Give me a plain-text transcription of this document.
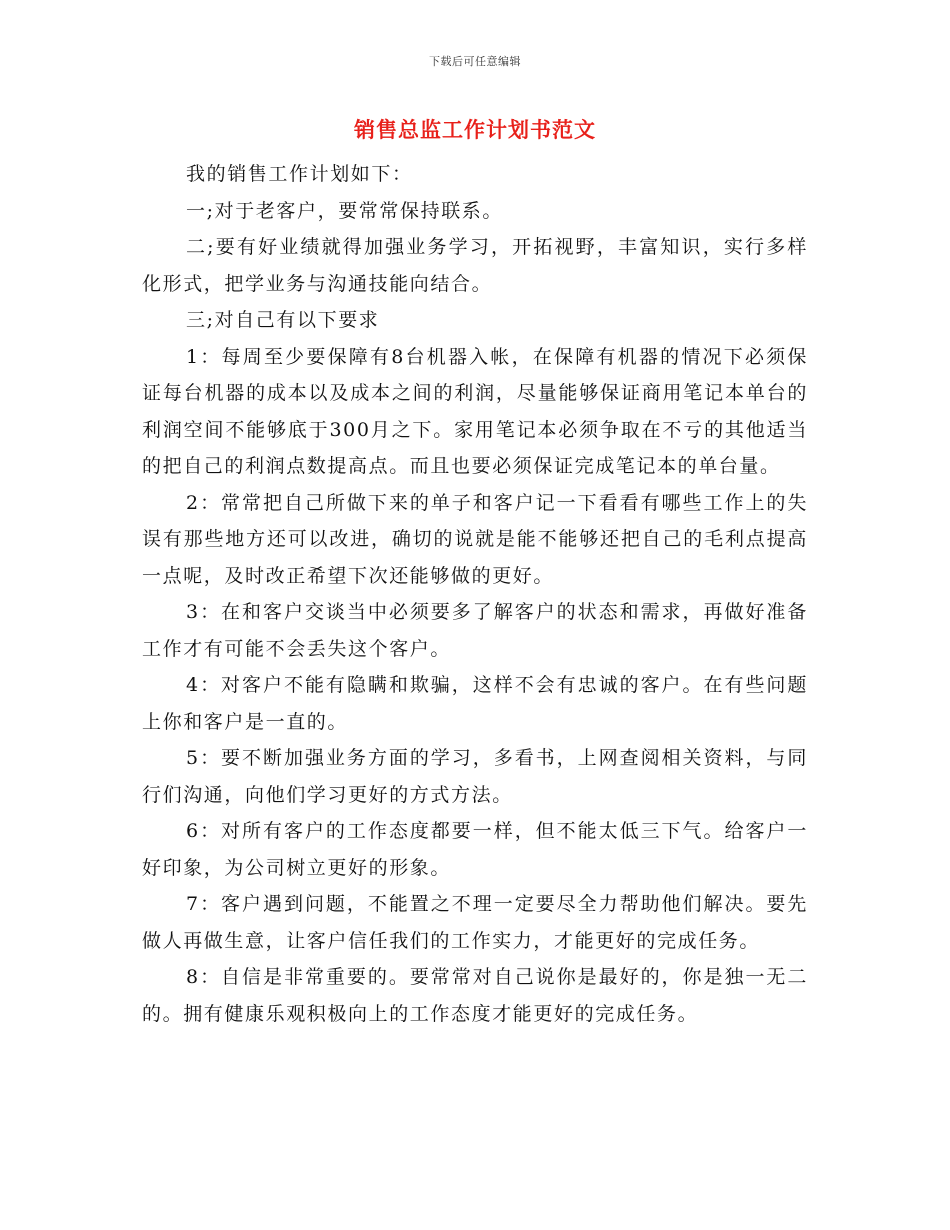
下载后可任意编辑
销售总监工作计划书范文

我的销售工作计划如下：

一;对于老客户，要常常保持联系。

二;要有好业绩就得加强业务学习，开拓视野，丰富知识，实行多样化形式，把学业务与沟通技能向结合。

三;对自己有以下要求

1：每周至少要保障有8台机器入帐，在保障有机器的情况下必须保证每台机器的成本以及成本之间的利润，尽量能够保证商用笔记本单台的利润空间不能够底于300月之下。家用笔记本必须争取在不亏的其他适当的把自己的利润点数提高点。而且也要必须保证完成笔记本的单台量。

2：常常把自己所做下来的单子和客户记一下看看有哪些工作上的失误有那些地方还可以改进，确切的说就是能不能够还把自己的毛利点提高一点呢，及时改正希望下次还能够做的更好。

3：在和客户交谈当中必须要多了解客户的状态和需求，再做好准备工作才有可能不会丢失这个客户。

4：对客户不能有隐瞒和欺骗，这样不会有忠诚的客户。在有些问题上你和客户是一直的。

5：要不断加强业务方面的学习，多看书，上网查阅相关资料，与同行们沟通，向他们学习更好的方式方法。

6：对所有客户的工作态度都要一样，但不能太低三下气。给客户一好印象，为公司树立更好的形象。

7：客户遇到问题，不能置之不理一定要尽全力帮助他们解决。要先做人再做生意，让客户信任我们的工作实力，才能更好的完成任务。

8：自信是非常重要的。要常常对自己说你是最好的，你是独一无二的。拥有健康乐观积极向上的工作态度才能更好的完成任务。
